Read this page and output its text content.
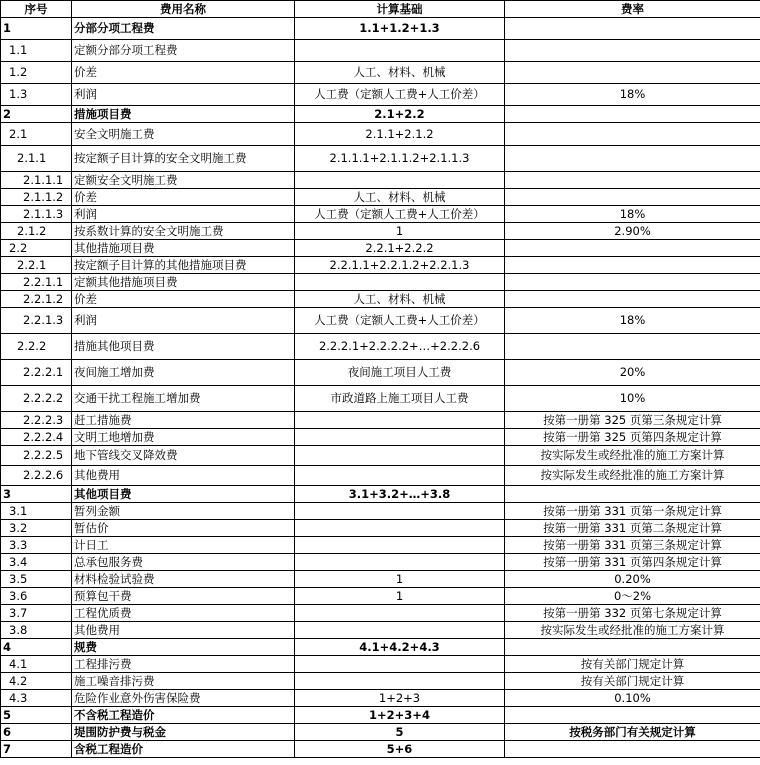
序号	费用名称	计算基础	费率
1	分部分项工程费	1.1+1.2+1.3	
1.1	定额分部分项工程费		
1.2	价差	人工、材料、机械	
1.3	利润	人工费（定额人工费+人工价差）	18%
2	措施项目费	2.1+2.2	
2.1	安全文明施工费	2.1.1+2.1.2	
2.1.1	按定额子目计算的安全文明施工费	2.1.1.1+2.1.1.2+2.1.1.3	
2.1.1.1	定额安全文明施工费		
2.1.1.2	价差	人工、材料、机械	
2.1.1.3	利润	人工费（定额人工费+人工价差）	18%
2.1.2	按系数计算的安全文明施工费	1	2.90%
2.2	其他措施项目费	2.2.1+2.2.2	
2.2.1	按定额子目计算的其他措施项目费	2.2.1.1+2.2.1.2+2.2.1.3	
2.2.1.1	定额其他措施项目费		
2.2.1.2	价差	人工、材料、机械	
2.2.1.3	利润	人工费（定额人工费+人工价差）	18%
2.2.2	措施其他项目费	2.2.2.1+2.2.2.2+…+2.2.2.6	
2.2.2.1	夜间施工增加费	夜间施工项目人工费	20%
2.2.2.2	交通干扰工程施工增加费	市政道路上施工项目人工费	10%
2.2.2.3	赶工措施费		按第一册第 325 页第三条规定计算
2.2.2.4	文明工地增加费		按第一册第 325 页第四条规定计算
2.2.2.5	地下管线交叉降效费		按实际发生或经批准的施工方案计算
2.2.2.6	其他费用		按实际发生或经批准的施工方案计算
3	其他项目费	3.1+3.2+…+3.8	
3.1	暂列金额		按第一册第 331 页第一条规定计算
3.2	暂估价		按第一册第 331 页第二条规定计算
3.3	计日工		按第一册第 331 页第三条规定计算
3.4	总承包服务费		按第一册第 331 页第四条规定计算
3.5	材料检验试验费	1	0.20%
3.6	预算包干费	1	0～2%
3.7	工程优质费		按第一册第 332 页第七条规定计算
3.8	其他费用		按实际发生或经批准的施工方案计算
4	规费	4.1+4.2+4.3	
4.1	工程排污费		按有关部门规定计算
4.2	施工噪音排污费		按有关部门规定计算
4.3	危险作业意外伤害保险费	1+2+3	0.10%
5	不含税工程造价	1+2+3+4	
6	堤围防护费与税金	5	按税务部门有关规定计算
7	含税工程造价	5+6	
